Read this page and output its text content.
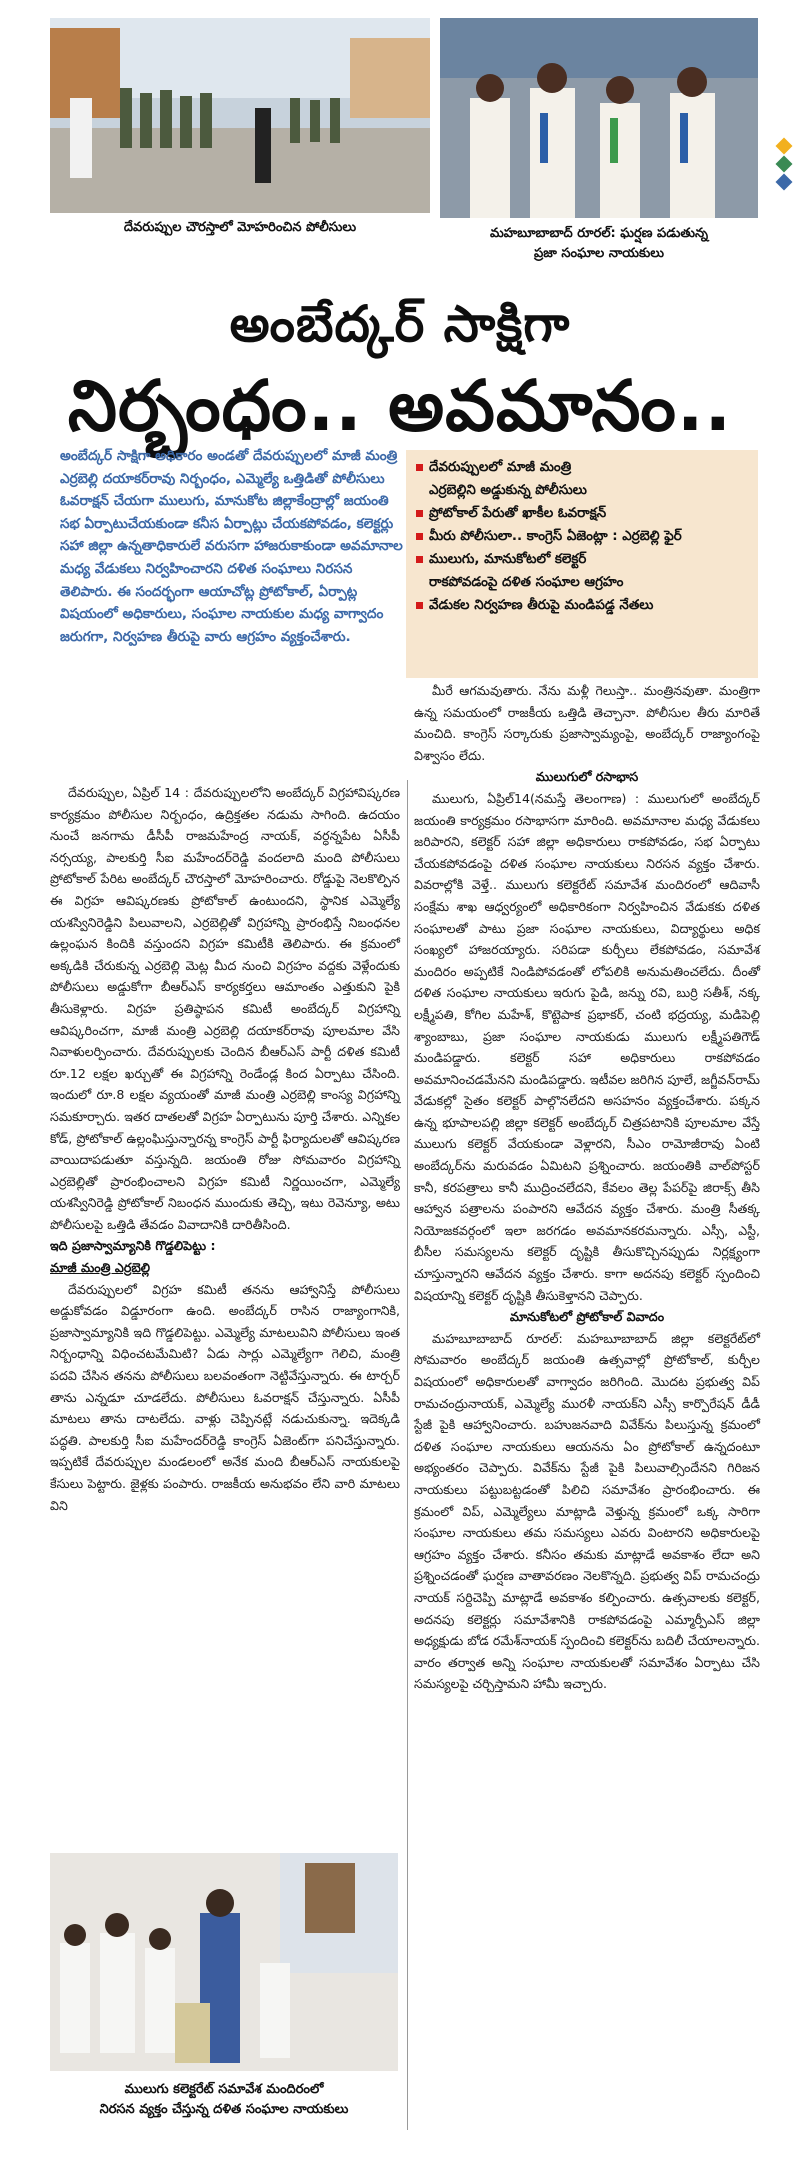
దేవరుప్పుల చౌరస్తాలో మోహరించిన పోలీసులు	మహబూబాబాద్ రూరల్: ఘర్షణ పడుతున్న
ప్రజా సంఘాల నాయకులు
అంబేద్కర్ సాక్షిగా
నిర్బంధం.. అవమానం..
అంబేద్కర్ సాక్షిగా అధికారం అండతో దేవరుప్పులలో మాజీ మంత్రి ఎర్రబెల్లి దయాకర్‌రావు నిర్బంధం, ఎమ్మెల్యే ఒత్తిడితో పోలీసులు ఓవరాక్షన్ చేయగా ములుగు, మానుకోట జిల్లాకేంద్రాల్లో జయంతి సభ ఏర్పాటుచేయకుండా కనీస ఏర్పాట్లు చేయకపోవడం, కలెక్టర్లు సహా జిల్లా ఉన్నతాధికారులే వరుసగా హాజరుకాకుండా అవమానాల మధ్య వేడుకలు నిర్వహించారని దళిత సంఘాలు నిరసన తెలిపారు. ఈ సందర్భంగా ఆయాచోట్ల ప్రోటోకాల్, ఏర్పాట్ల విషయంలో అధికారులు, సంఘాల నాయకుల మధ్య వాగ్వాదం జరుగగా, నిర్వహణ తీరుపై వారు ఆగ్రహం వ్యక్తంచేశారు.

దేవరుప్పులలో మాజీ మంత్రి

ఎర్రబెల్లిని అడ్డుకున్న పోలీసులు

ప్రోటోకాల్ పేరుతో ఖాకీల ఓవరాక్షన్

మీరు పోలీసులా.. కాంగ్రెస్ ఏజెంట్లా : ఎర్రబెల్లి ఫైర్

ములుగు, మానుకోటలో కలెక్టర్

రాకపోవడంపై దళిత సంఘాల ఆగ్రహం

వేడుకల నిర్వహణ తీరుపై మండిపడ్డ నేతలు

దేవరుప్పుల, ఏప్రిల్ 14 : దేవరుప్పులలోని అంబేద్కర్ విగ్రహావిష్కరణ కార్యక్రమం పోలీసుల నిర్బంధం, ఉద్రిక్తతల నడుమ సాగింది. ఉదయం నుంచే జనగామ డీసీపీ రాజమహేంద్ర నాయక్, వర్ధన్నపేట ఏసీపీ నర్సయ్య, పాలకుర్తి సీఐ మహేందర్‌రెడ్డి వందలాది మంది పోలీసులు ప్రోటోకాల్ పేరిట అంబేద్కర్ చౌరస్తాలో మోహరించారు. రోడ్డుపై నెలకొల్పిన ఈ విగ్రహ ఆవిష్కరణకు ప్రోటోకాల్ ఉంటుందని, స్థానిక ఎమ్మెల్యే యశస్వినిరెడ్డిని పిలువాలని, ఎర్రబెల్లితో విగ్రహాన్ని ప్రారంభిస్తే నిబంధనల ఉల్లంఘన కిందికి వస్తుందని విగ్రహ కమిటీకి తెలిపారు. ఈ క్రమంలో అక్కడికి చేరుకున్న ఎర్రబెల్లి మెట్ల మీద నుంచి విగ్రహం వద్దకు వెళ్లేందుకు పోలీసులు అడ్డుకోగా బీఆర్‌ఎస్ కార్యకర్తలు ఆమాంతం ఎత్తుకుని పైకి తీసుకెళ్లారు. విగ్రహ ప్రతిష్ఠాపన కమిటీ అంబేద్కర్ విగ్రహాన్ని ఆవిష్కరించగా, మాజీ మంత్రి ఎర్రబెల్లి దయాకర్‌రావు పూలమాల వేసి నివాళులర్పించారు. దేవరుప్పులకు చెందిన బీఆర్‌ఎస్ పార్టీ దళిత కమిటీ రూ.12 లక్షల ఖర్చుతో ఈ విగ్రహాన్ని రెండేండ్ల కింద ఏర్పాటు చేసింది. ఇందులో రూ.8 లక్షల వ్యయంతో మాజీ మంత్రి ఎర్రబెల్లి కాంస్య విగ్రహాన్ని సమకూర్చారు. ఇతర దాతలతో విగ్రహ ఏర్పాటును పూర్తి చేశారు. ఎన్నికల కోడ్, ప్రోటోకాల్ ఉల్లంఘిస్తున్నారన్న కాంగ్రెస్ పార్టీ ఫిర్యాదులతో ఆవిష్కరణ వాయిదాపడుతూ వస్తున్నది. జయంతి రోజు సోమవారం విగ్రహాన్ని ఎర్రబెల్లితో ప్రారంభించాలని విగ్రహ కమిటీ నిర్ణయించగా, ఎమ్మెల్యే యశస్వినిరెడ్డి ప్రోటోకాల్ నిబంధన ముందుకు తెచ్చి, ఇటు రెవెన్యూ, అటు పోలీసులపై ఒత్తిడి తేవడం వివాదానికి దారితీసింది.

ఇది ప్రజాస్వామ్యానికి గొడ్డలిపెట్టు :

మాజీ మంత్రి ఎర్రబెల్లి

దేవరుప్పులలో విగ్రహ కమిటీ తనను ఆహ్వానిస్తే పోలీసులు అడ్డుకోవడం విడ్డూరంగా ఉంది. అంబేద్కర్ రాసిన రాజ్యాంగానికి, ప్రజాస్వామ్యానికి ఇది గొడ్డలిపెట్టు. ఎమ్మెల్యే మాటలువిని పోలీసులు ఇంత నిర్బంధాన్ని విధించటమేమిటి? ఏడు సార్లు ఎమ్మెల్యేగా గెలిచి, మంత్రి పదవి చేసిన తనను పోలీసులు బలవంతంగా నెట్టివేస్తున్నారు. ఈ టార్చర్ తాను ఎన్నడూ చూడలేదు. పోలీసులు ఓవరాక్షన్ చేస్తున్నారు. ఏసీపీ మాటలు తాను దాటలేదు. వాళ్లు చెప్పినట్లే నడుచుకున్నా. ఇదెక్కడి పద్ధతి. పాలకుర్తి సీఐ మహేందర్‌రెడ్డి కాంగ్రెస్ ఏజెంట్‌గా పనిచేస్తున్నారు. ఇప్పటికే దేవరుప్పుల మండలంలో అనేక మంది బీఆర్‌ఎస్ నాయకులపై కేసులు పెట్టారు. జైళ్లకు పంపారు. రాజకీయ అనుభవం లేని వారి మాటలు విని

ములుగు కలెక్టరేట్ సమావేశ మందిరంలో
నిరసన వ్యక్తం చేస్తున్న దళిత సంఘాల నాయకులు

మీరే ఆగమవుతారు. నేను మళ్లీ గెలుస్తా.. మంత్రినవుతా. మంత్రిగా ఉన్న సమయంలో రాజకీయ ఒత్తిడి తెచ్చానా. పోలీసుల తీరు మారితే మంచిది. కాంగ్రెస్ సర్కారుకు ప్రజాస్వామ్యంపై, అంబేద్కర్ రాజ్యాంగంపై విశ్వాసం లేదు.

ములుగులో రసాభాస

ములుగు, ఏప్రిల్14(నమస్తే తెలంగాణ) : ములుగులో అంబేద్కర్ జయంతి కార్యక్రమం రసాభాసగా మారింది. అవమానాల మధ్య వేడుకలు జరిపారని, కలెక్టర్ సహా జిల్లా అధికారులు రాకపోవడం, సభ ఏర్పాటు చేయకపోవడంపై దళిత సంఘాల నాయకులు నిరసన వ్యక్తం చేశారు. వివరాల్లోకి వెళ్తే.. ములుగు కలెక్టరేట్ సమావేశ మందిరంలో ఆదివాసీ సంక్షేమ శాఖ ఆధ్వర్యంలో అధికారికంగా నిర్వహించిన వేడుకకు దళిత సంఘాలతో పాటు ప్రజా సంఘాల నాయకులు, విద్యార్థులు అధిక సంఖ్యలో హాజరయ్యారు. సరిపడా కుర్చీలు లేకపోవడం, సమావేశ మందిరం అప్పటికే నిండిపోవడంతో లోపలికి అనుమతించలేదు. దీంతో దళిత సంఘాల నాయకులు ఇరుగు పైడి, జన్ను రవి, బుర్రి సతీశ్, నక్క లక్ష్మీపతి, కోగిల మహేశ్, కొట్టెపాక ప్రభాకర్, చంటి భద్రయ్య, మడిపెల్లి శ్యాంబాబు, ప్రజా సంఘాల నాయకుడు ములుగు లక్ష్మీపతిగౌడ్ మండిపడ్డారు. కలెక్టర్ సహా అధికారులు రాకపోవడం అవమానించడమేనని మండిపడ్డారు. ఇటీవల జరిగిన పూలే, జగ్జీవన్‌రామ్ వేడుకల్లో సైతం కలెక్టర్ పాల్గొనలేదని అసహనం వ్యక్తంచేశారు. పక్కన ఉన్న భూపాలపల్లి జిల్లా కలెక్టర్ అంబేద్కర్ చిత్రపటానికి పూలమాల వేస్తే ములుగు కలెక్టర్ వేయకుండా వెళ్లారని, సీఎం రామోజీరావు ఏంటి అంబేద్కర్‌ను మరువడం ఏమిటని ప్రశ్నించారు. జయంతికి వాల్‌పోస్టర్ కానీ, కరపత్రాలు కానీ ముద్రించలేదని, కేవలం తెల్ల పేపర్‌పై జిరాక్స్ తీసి ఆహ్వాన పత్రాలను పంపారని ఆవేదన వ్యక్తం చేశారు. మంత్రి సీతక్క నియోజకవర్గంలో ఇలా జరగడం అవమానకరమన్నారు. ఎస్సీ, ఎస్టీ, బీసీల సమస్యలను కలెక్టర్ దృష్టికి తీసుకొచ్చినప్పుడు నిర్లక్ష్యంగా చూస్తున్నారని ఆవేదన వ్యక్తం చేశారు. కాగా అదనపు కలెక్టర్ స్పందించి విషయాన్ని కలెక్టర్ దృష్టికి తీసుకెళ్తానని చెప్పారు.

మానుకోటలో ప్రోటోకాల్ వివాదం

మహబూబాబాద్ రూరల్: మహబూబాబాద్ జిల్లా కలెక్టరేట్‌లో సోమవారం అంబేద్కర్ జయంతి ఉత్సవాల్లో ప్రోటోకాల్, కుర్చీల విషయంలో అధికారులతో వాగ్వాదం జరిగింది. మొదట ప్రభుత్వ విప్ రామచంద్రునాయక్, ఎమ్మెల్యే మురళీ నాయక్‌ని ఎస్సీ కార్పొరేషన్ డీడీ స్టేజీ పైకి ఆహ్వానించారు. బహుజనవాది వివేక్‌ను పిలుస్తున్న క్రమంలో దళిత సంఘాల నాయకులు ఆయనను ఏం ప్రోటోకాల్ ఉన్నదంటూ అభ్యంతరం చెప్పారు. వివేక్‌ను స్టేజీ పైకి పిలువాల్సిందేనని గిరిజన నాయకులు పట్టుబట్టడంతో పిలిచి సమావేశం ప్రారంభించారు. ఈ క్రమంలో విప్, ఎమ్మెల్యేలు మాట్లాడి వెళ్తున్న క్రమంలో ఒక్క సారిగా సంఘాల నాయకులు తమ సమస్యలు ఎవరు వింటారని అధికారులపై ఆగ్రహం వ్యక్తం చేశారు. కనీసం తమకు మాట్లాడే అవకాశం లేదా అని ప్రశ్నించడంతో ఘర్షణ వాతావరణం నెలకొన్నది. ప్రభుత్వ విప్ రామచంద్రు నాయక్ సర్దిచెప్పి మాట్లాడే అవకాశం కల్పించారు. ఉత్సవాలకు కలెక్టర్, అదనపు కలెక్టర్లు సమావేశానికి రాకపోవడంపై ఎమ్మార్పీఎస్ జిల్లా అధ్యక్షుడు బోడ రమేశ్‌నాయక్ స్పందించి కలెక్టర్‌ను బదిలీ చేయాలన్నారు. వారం తర్వాత అన్ని సంఘాల నాయకులతో సమావేశం ఏర్పాటు చేసి సమస్యలపై చర్చిస్తామని హామీ ఇచ్చారు.
